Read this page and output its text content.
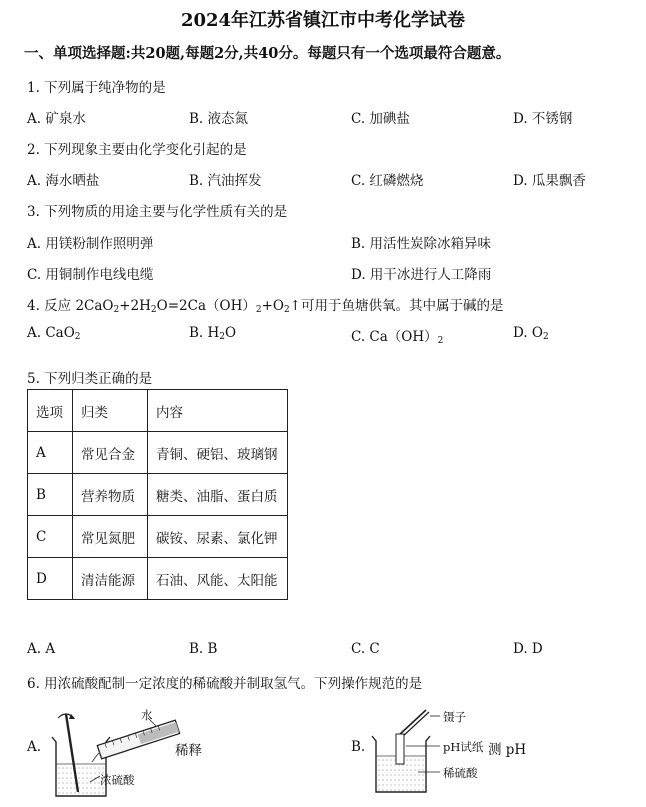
2024年江苏省镇江市中考化学试卷
一、单项选择题:共20题,每题2分,共40分。每题只有一个选项最符合题意。
1. 下列属于纯净物的是
A. 矿泉水	B. 液态氮	C. 加碘盐	D. 不锈钢
2. 下列现象主要由化学变化引起的是
A. 海水晒盐	B. 汽油挥发	C. 红磷燃烧	D. 瓜果飘香
3. 下列物质的用途主要与化学性质有关的是
A. 用镁粉制作照明弹	B. 用活性炭除冰箱异味
C. 用铜制作电线电缆	D. 用干冰进行人工降雨
4. 反应 $2CaO_2+2H_2O=2Ca(OH)_2+O_2↑$可用于鱼塘供氧。其中属于碱的是
A. CaO$_2$	B. $H_2O$	C. $Ca(OH)_2$	D. $O_2$
5. 下列归类正确的是
选项	归类	内容
A	常见合金	青铜、硬铝、玻璃钢
B	营养物质	糖类、油脂、蛋白质
C	常见氮肥	碳铵、尿素、氯化钾
D	清洁能源	石油、风能、太阳能
A. A	B. B	C. C	D. D
6. 用浓硫酸配制一定浓度的稀硫酸并制取氢气。下列操作规范的是
A.
水
稀释
浓硫酸
B.
镊子
pH试纸 测 pH
稀硫酸
